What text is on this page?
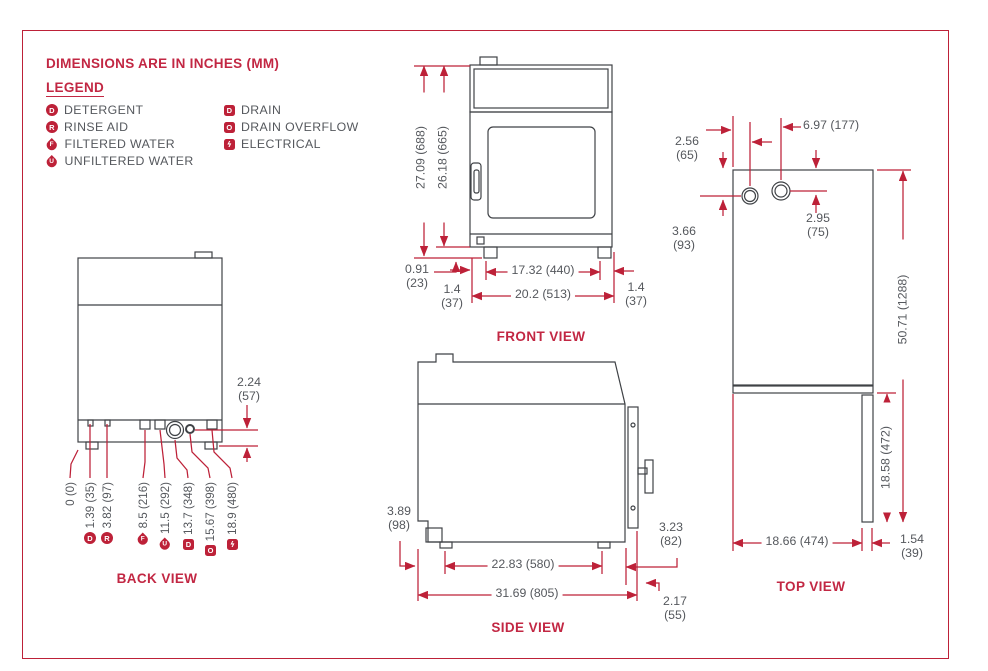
DIMENSIONS ARE IN INCHES (MM)
LEGEND
D DETERGENT
R RINSE AID
F FILTERED WATER
U UNFILTERED WATER
D DRAIN
O DRAIN OVERFLOW
ϟ ELECTRICAL	27.09 (688) 26.18 (665)
0.91 (23)	1.4 (37)
17.32 (440)
20.2 (513)	1.4 (37)
FRONT VIEW
2.24 (57)
0 (0)
D
1.39 (35)
R
3.82 (97)
F
8.5 (216)
U
11.5 (292)
D
13.7 (348)
O
15.67 (398)
ϟ
18.9 (480)
BACK VIEW
3.89 (98)
22.83 (580)
31.69 (805)
3.23 (82)
2.17 (55)
SIDE VIEW
2.56 (65)
6.97 (177)
3.66 (93)
2.95 (75)
50.71 (1288)
18.58 (472)
18.66 (474)	1.54 (39)
TOP VIEW
